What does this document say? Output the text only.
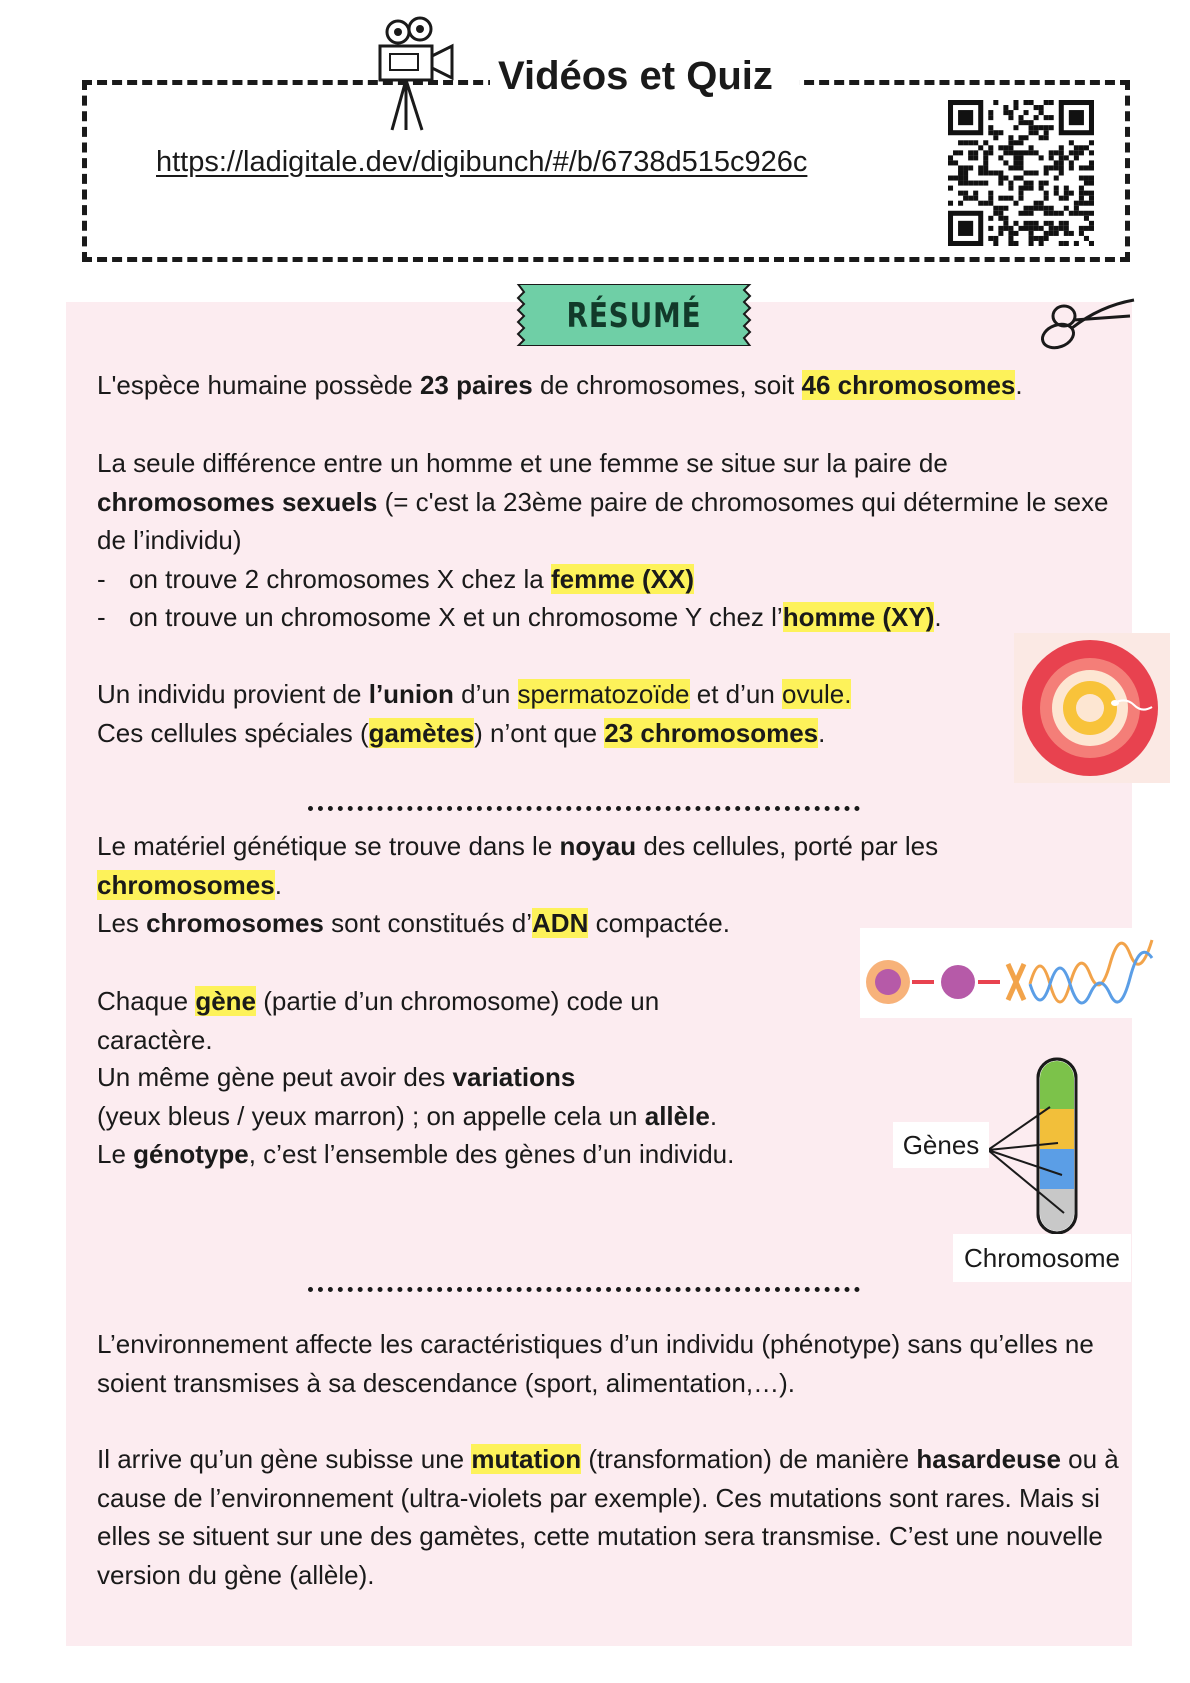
Vidéos et Quiz
https://ladigitale.dev/digibunch/#/b/6738d515c926c
RÉSUMÉ

L'espèce humaine possède 23 paires de chromosomes, soit 46 chromosomes.

La seule différence entre un homme et une femme se situe sur la paire de chromosomes sexuels (= c'est la 23ème paire de chromosomes qui détermine le sexe de l’individu)
- on trouve 2 chromosomes X chez la femme (XX)
- on trouve un chromosome X et un chromosome Y chez l’homme (XY).
Un individu provient de l’union d’un spermatozoïde et d’un ovule.
Ces cellules spéciales (gamètes) n’ont que 23 chromosomes.
Le matériel génétique se trouve dans le noyau des cellules, porté par les
chromosomes.
Les chromosomes sont constitués d’ADN compactée.
Chaque gène (partie d’un chromosome) code un
caractère.
Un même gène peut avoir des variations
(yeux bleus / yeux marron) ; on appelle cela un allèle.
Le génotype, c’est l’ensemble des gènes d’un individu.	Gènes
Chromosome
L’environnement affecte les caractéristiques d’un individu (phénotype) sans qu’elles ne soient transmises à sa descendance (sport, alimentation,…).
Il arrive qu’un gène subisse une mutation (transformation) de manière hasardeuse ou à cause de l’environnement (ultra-violets par exemple). Ces mutations sont rares. Mais si elles se situent sur une des gamètes, cette mutation sera transmise. C’est une nouvelle version du gène (allèle).
